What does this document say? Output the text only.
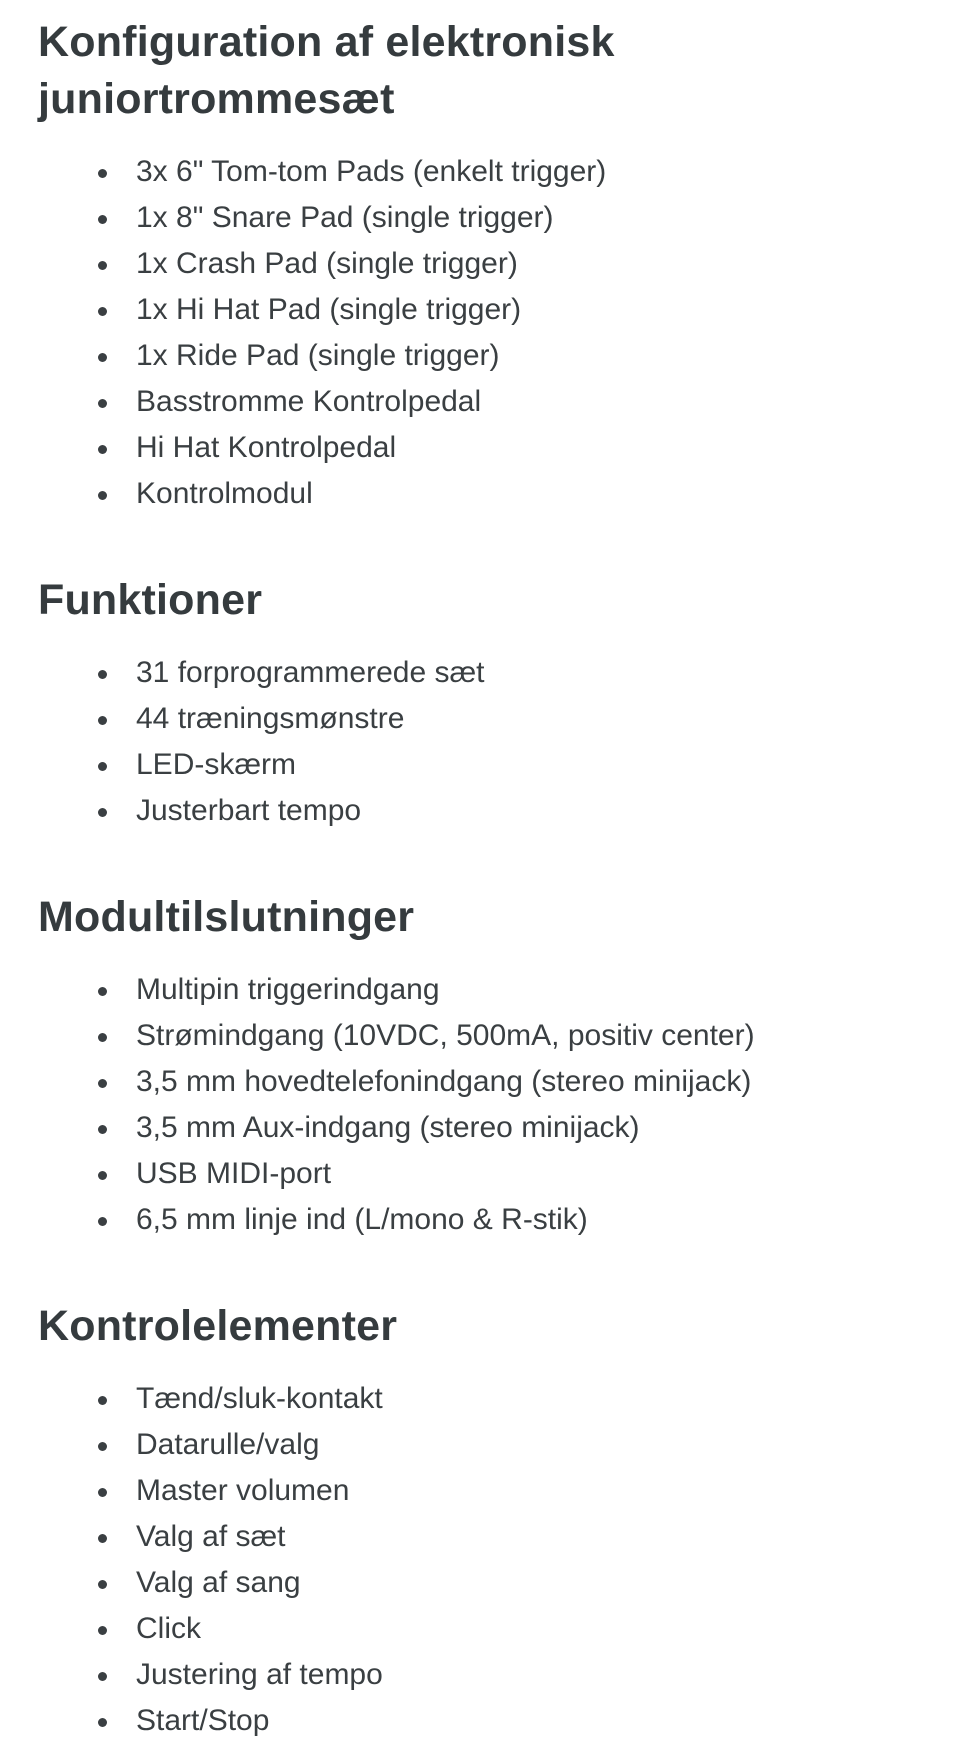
Konfiguration af elektronisk juniortrommesæt
3x 6" Tom-tom Pads (enkelt trigger)
1x 8" Snare Pad (single trigger)
1x Crash Pad (single trigger)
1x Hi Hat Pad (single trigger)
1x Ride Pad (single trigger)
Basstromme Kontrolpedal
Hi Hat Kontrolpedal
Kontrolmodul
Funktioner
31 forprogrammerede sæt
44 træningsmønstre
LED-skærm
Justerbart tempo
Modultilslutninger
Multipin triggerindgang
Strømindgang (10VDC, 500mA, positiv center)
3,5 mm hovedtelefonindgang (stereo minijack)
3,5 mm Aux-indgang (stereo minijack)
USB MIDI-port
6,5 mm linje ind (L/mono & R-stik)
Kontrolelementer
Tænd/sluk-kontakt
Datarulle/valg
Master volumen
Valg af sæt
Valg af sang
Click
Justering af tempo
Start/Stop
